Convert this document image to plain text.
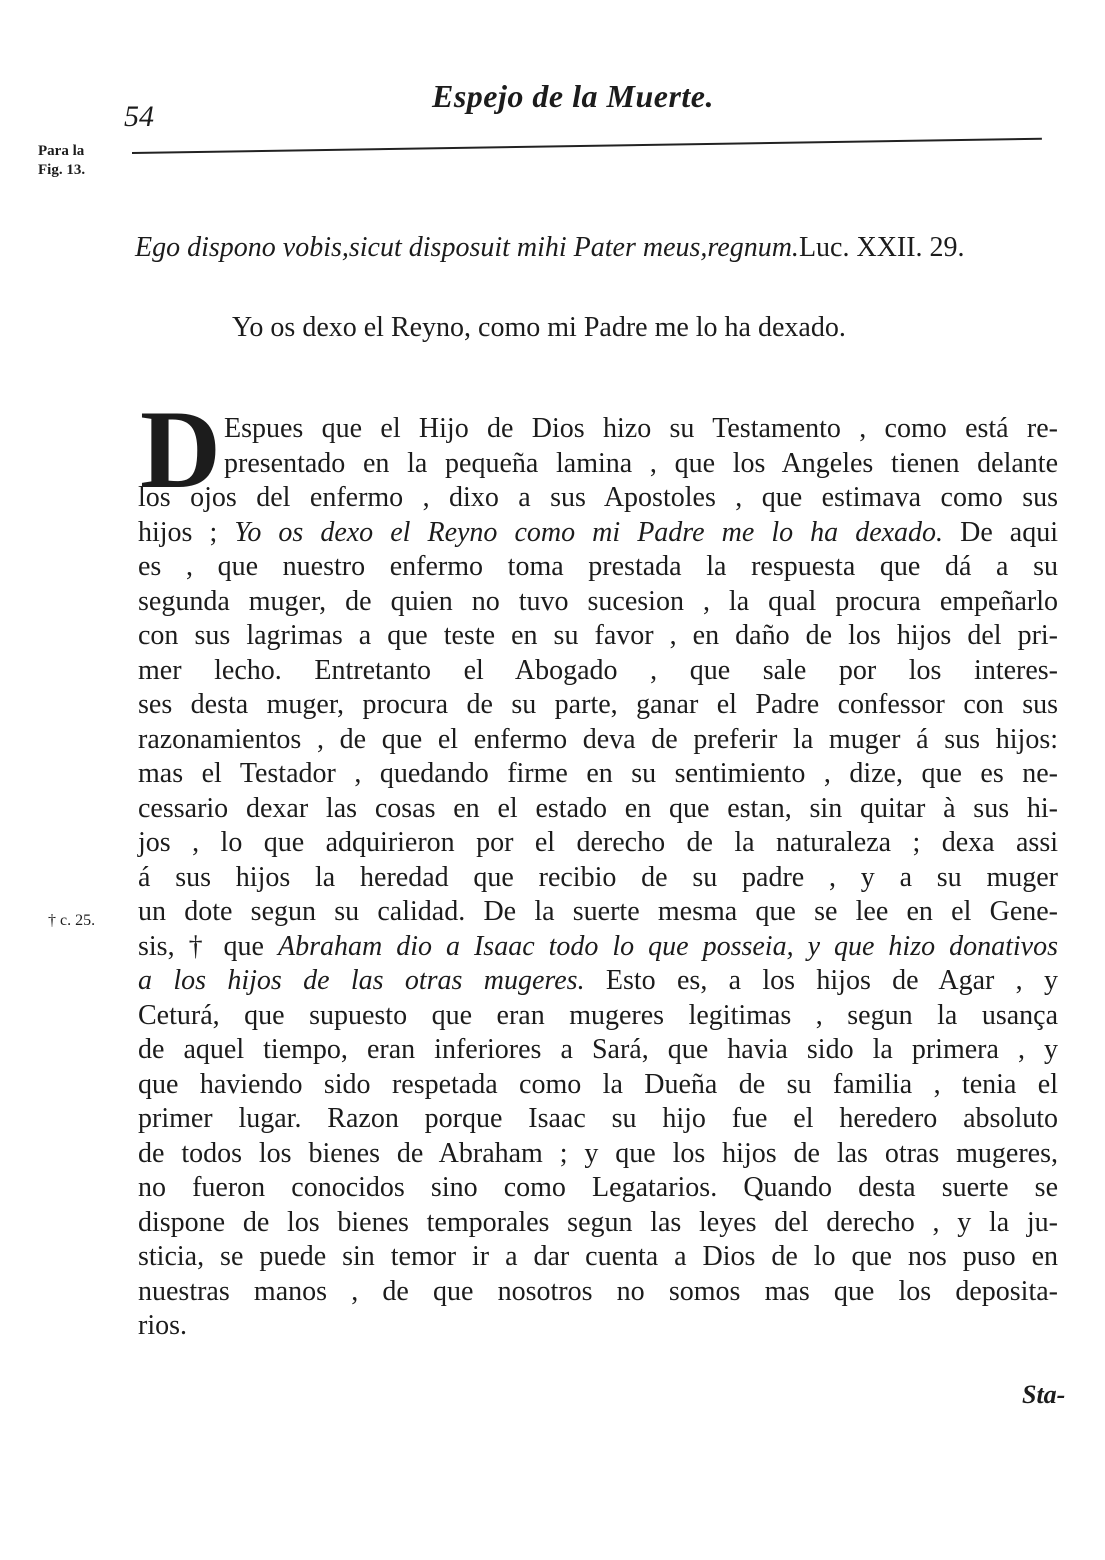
54
Espejo de la Muerte.
Para la
Fig. 13.
Ego dispono vobis,sicut disposuit mihi Pater meus,regnum.Luc. XXII. 29.
Yo os dexo el Reyno, como mi Padre me lo ha dexado.
D Espues que el Hijo de Dios hizo su Testamento , como está re-
presentado en la pequeña lamina , que los Angeles tienen delante
los ojos del enfermo , dixo a sus Apostoles , que estimava como sus
hijos ; Yo os dexo el Reyno como mi Padre me lo ha dexado. De aqui
es , que nuestro enfermo toma prestada la respuesta que dá a su
segunda muger, de quien no tuvo sucesion , la qual procura empeñarlo
con sus lagrimas a que teste en su favor , en daño de los hijos del pri-
mer lecho. Entretanto el Abogado , que sale por los interes-
ses desta muger, procura de su parte, ganar el Padre confessor con sus
razonamientos , de que el enfermo deva de preferir la muger á sus hijos:
mas el Testador , quedando firme en su sentimiento , dize, que es ne-
cessario dexar las cosas en el estado en que estan, sin quitar à sus hi-
jos , lo que adquirieron por el derecho de la naturaleza ; dexa assi
á sus hijos la heredad que recibio de su padre , y a su muger
un dote segun su calidad. De la suerte mesma que se lee en el Gene-
sis, † que Abraham dio a Isaac todo lo que posseia, y que hizo donativos
a los hijos de las otras mugeres. Esto es, a los hijos de Agar , y
Ceturá, que supuesto que eran mugeres legitimas , segun la usança
de aquel tiempo, eran inferiores a Sará, que havia sido la primera , y
que haviendo sido respetada como la Dueña de su familia , tenia el
primer lugar. Razon porque Isaac su hijo fue el heredero absoluto
de todos los bienes de Abraham ; y que los hijos de las otras mugeres,
no fueron conocidos sino como Legatarios. Quando desta suerte se
dispone de los bienes temporales segun las leyes del derecho , y la ju-
sticia, se puede sin temor ir a dar cuenta a Dios de lo que nos puso en
nuestras manos , de que nosotros no somos mas que los deposita-
rios.
† c. 25.
Sta-
